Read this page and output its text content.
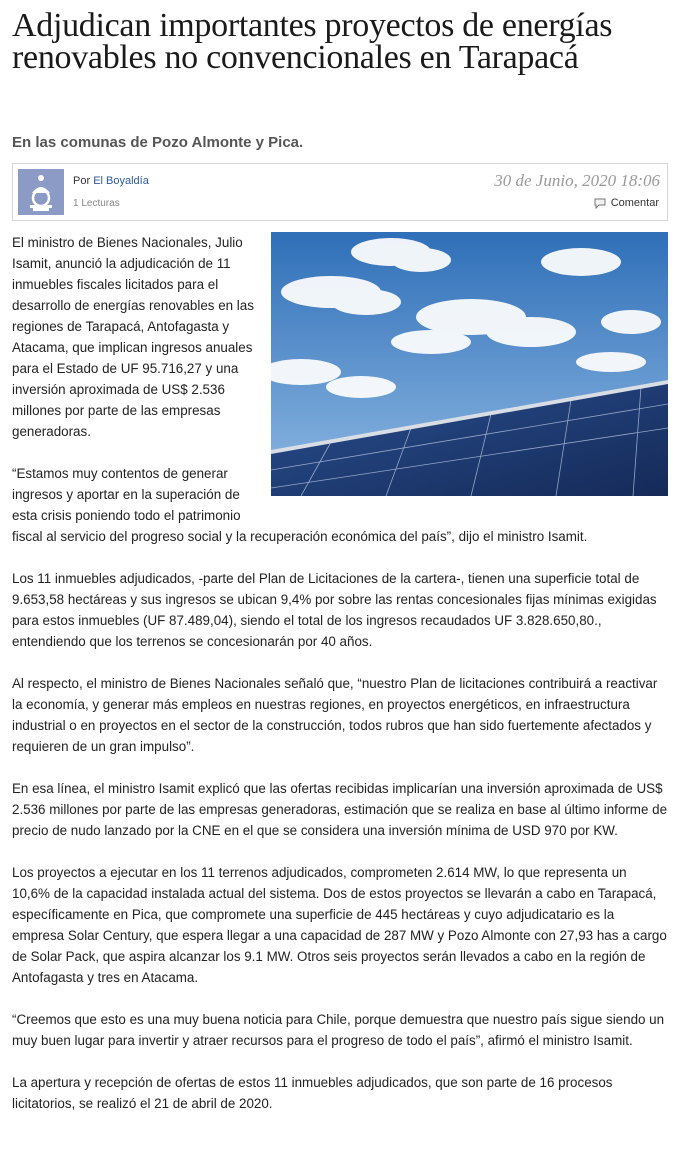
Adjudican importantes proyectos de energías renovables no convencionales en Tarapacá

En las comunas de Pozo Almonte y Pica.

Por El Boyaldía
1 Lecturas
30 de Junio, 2020 18:06
Comentar

El ministro de Bienes Nacionales, Julio Isamit, anunció la adjudicación de 11 inmuebles fiscales licitados para el desarrollo de energías renovables en las regiones de Tarapacá, Antofagasta y Atacama, que implican ingresos anuales para el Estado de UF 95.716,27 y una inversión aproximada de US$ 2.536 millones por parte de las empresas generadoras.

“Estamos muy contentos de generar ingresos y aportar en la superación de esta crisis poniendo todo el patrimonio

fiscal al servicio del progreso social y la recuperación económica del país”, dijo el ministro Isamit.

Los 11 inmuebles adjudicados, -parte del Plan de Licitaciones de la cartera-, tienen una superficie total de 9.653,58 hectáreas y sus ingresos se ubican 9,4% por sobre las rentas concesionales fijas mínimas exigidas para estos inmuebles (UF 87.489,04), siendo el total de los ingresos recaudados UF 3.828.650,80., entendiendo que los terrenos se concesionarán por 40 años.

Al respecto, el ministro de Bienes Nacionales señaló que, “nuestro Plan de licitaciones contribuirá a reactivar la economía, y generar más empleos en nuestras regiones, en proyectos energéticos, en infraestructura industrial o en proyectos en el sector de la construcción, todos rubros que han sido fuertemente afectados y requieren de un gran impulso”.

En esa línea, el ministro Isamit explicó que las ofertas recibidas implicarían una inversión aproximada de US$ 2.536 millones por parte de las empresas generadoras, estimación que se realiza en base al último informe de precio de nudo lanzado por la CNE en el que se considera una inversión mínima de USD 970 por KW.

Los proyectos a ejecutar en los 11 terrenos adjudicados, comprometen 2.614 MW, lo que representa un 10,6% de la capacidad instalada actual del sistema. Dos de estos proyectos se llevarán a cabo en Tarapacá, específicamente en Pica, que compromete una superficie de 445 hectáreas y cuyo adjudicatario es la empresa Solar Century, que espera llegar a una capacidad de 287 MW y Pozo Almonte con 27,93 has a cargo de Solar Pack, que aspira alcanzar los 9.1 MW. Otros seis proyectos serán llevados a cabo en la región de Antofagasta y tres en Atacama.

“Creemos que esto es una muy buena noticia para Chile, porque demuestra que nuestro país sigue siendo un muy buen lugar para invertir y atraer recursos para el progreso de todo el país”, afirmó el ministro Isamit.

La apertura y recepción de ofertas de estos 11 inmuebles adjudicados, que son parte de 16 procesos licitatorios, se realizó el 21 de abril de 2020.
